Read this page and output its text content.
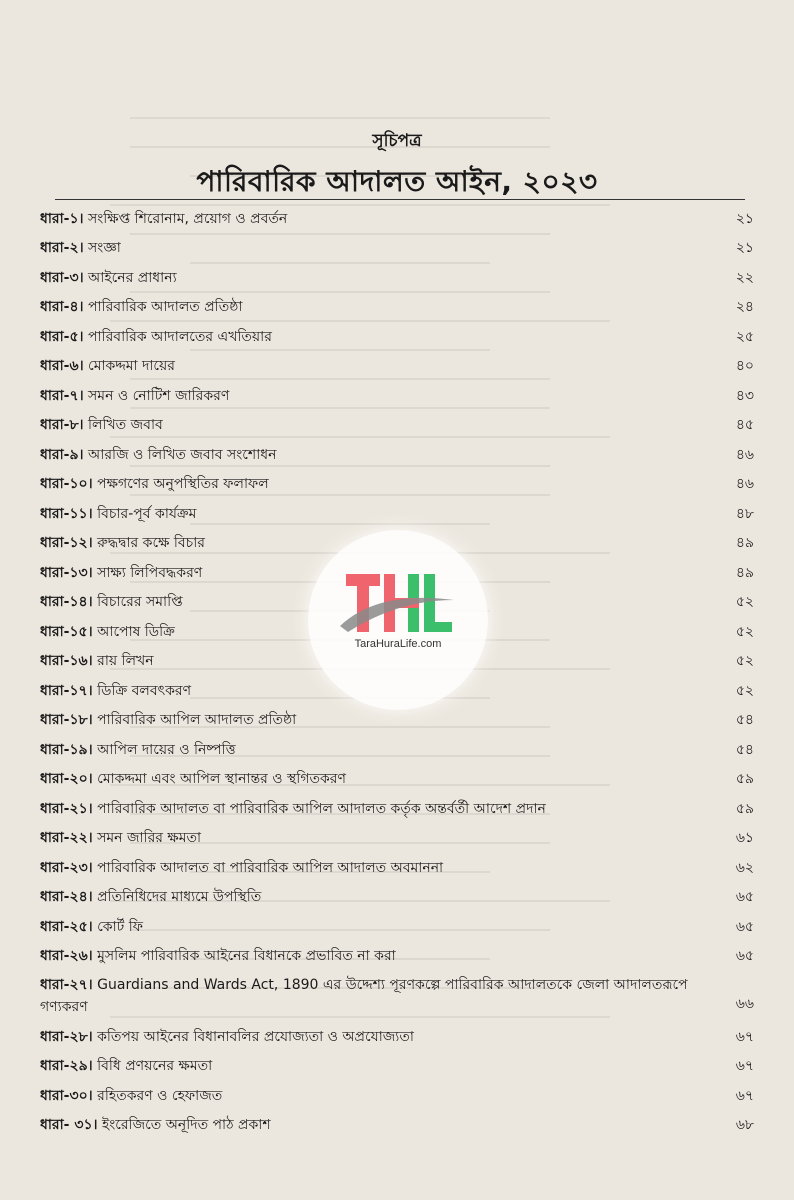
সূচিপত্র
পারিবারিক আদালত আইন, ২০২৩
ধারা-১। সংক্ষিপ্ত শিরোনাম, প্রয়োগ ও প্রবর্তন	২১
ধারা-২। সংজ্ঞা	২১
ধারা-৩। আইনের প্রাধান্য	২২
ধারা-৪। পারিবারিক আদালত প্রতিষ্ঠা	২৪
ধারা-৫। পারিবারিক আদালতের এখতিয়ার	২৫
ধারা-৬। মোকদ্দমা দায়ের	৪০
ধারা-৭। সমন ও নোটিশ জারিকরণ	৪৩
ধারা-৮। লিখিত জবাব	৪৫
ধারা-৯। আরজি ও লিখিত জবাব সংশোধন	৪৬
ধারা-১০। পক্ষগণের অনুপস্থিতির ফলাফল	৪৬
ধারা-১১। বিচার-পূর্ব কার্যক্রম	৪৮
ধারা-১২। রুদ্ধদ্বার কক্ষে বিচার	৪৯
ধারা-১৩। সাক্ষ্য লিপিবদ্ধকরণ	৪৯
ধারা-১৪। বিচারের সমাপ্তি	৫২
ধারা-১৫। আপোষ ডিক্রি	৫২
ধারা-১৬। রায় লিখন	৫২
ধারা-১৭। ডিক্রি বলবৎকরণ	৫২
ধারা-১৮। পারিবারিক আপিল আদালত প্রতিষ্ঠা	৫৪
ধারা-১৯। আপিল দায়ের ও নিষ্পত্তি	৫৪
ধারা-২০। মোকদ্দমা এবং আপিল স্থানান্তর ও স্থগিতকরণ	৫৯
ধারা-২১। পারিবারিক আদালত বা পারিবারিক আপিল আদালত কর্তৃক অন্তর্বর্তী আদেশ প্রদান	৫৯
ধারা-২২। সমন জারির ক্ষমতা	৬১
ধারা-২৩। পারিবারিক আদালত বা পারিবারিক আপিল আদালত অবমাননা	৬২
ধারা-২৪। প্রতিনিধিদের মাধ্যমে উপস্থিতি	৬৫
ধারা-২৫। কোর্ট ফি	৬৫
ধারা-২৬। মুসলিম পারিবারিক আইনের বিধানকে প্রভাবিত না করা	৬৫
ধারা-২৭। Guardians and Wards Act, 1890 এর উদ্দেশ্য পূরণকল্পে পারিবারিক আদালতকে জেলা আদালতরূপে গণ্যকরণ	৬৬
ধারা-২৮। কতিপয় আইনের বিধানাবলির প্রযোজ্যতা ও অপ্রযোজ্যতা	৬৭
ধারা-২৯। বিধি প্রণয়নের ক্ষমতা	৬৭
ধারা-৩০। রহিতকরণ ও হেফাজত	৬৭
ধারা- ৩১। ইংরেজিতে অনূদিত পাঠ প্রকাশ	৬৮
TaraHuraLife.com
